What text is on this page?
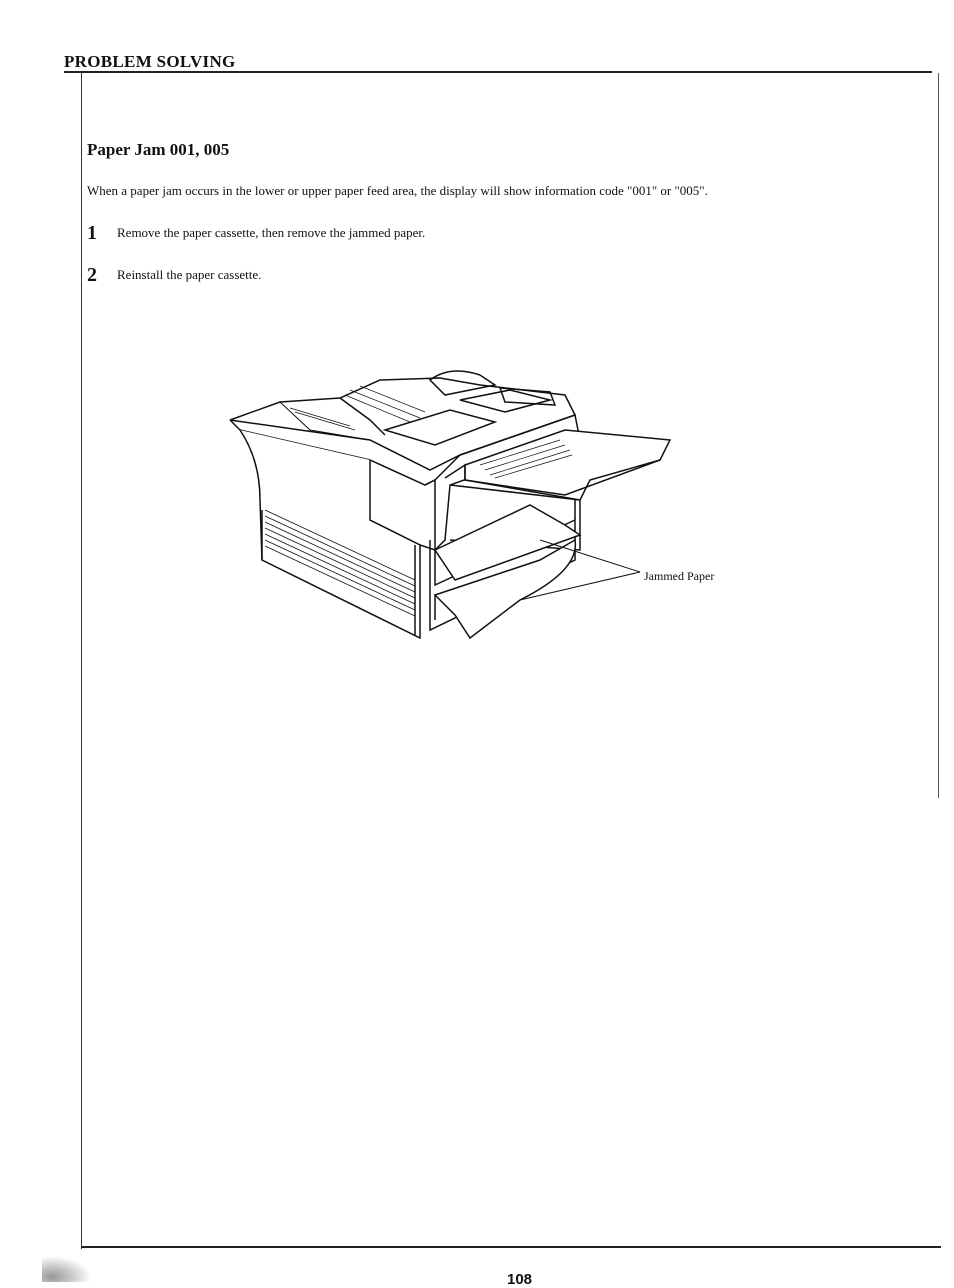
PROBLEM SOLVING
Paper Jam 001, 005
When a paper jam occurs in the lower or upper paper feed area, the display will show information code "001" or "005".
1 Remove the paper cassette, then remove the jammed paper.
2 Reinstall the paper cassette.
Jammed Paper
108
